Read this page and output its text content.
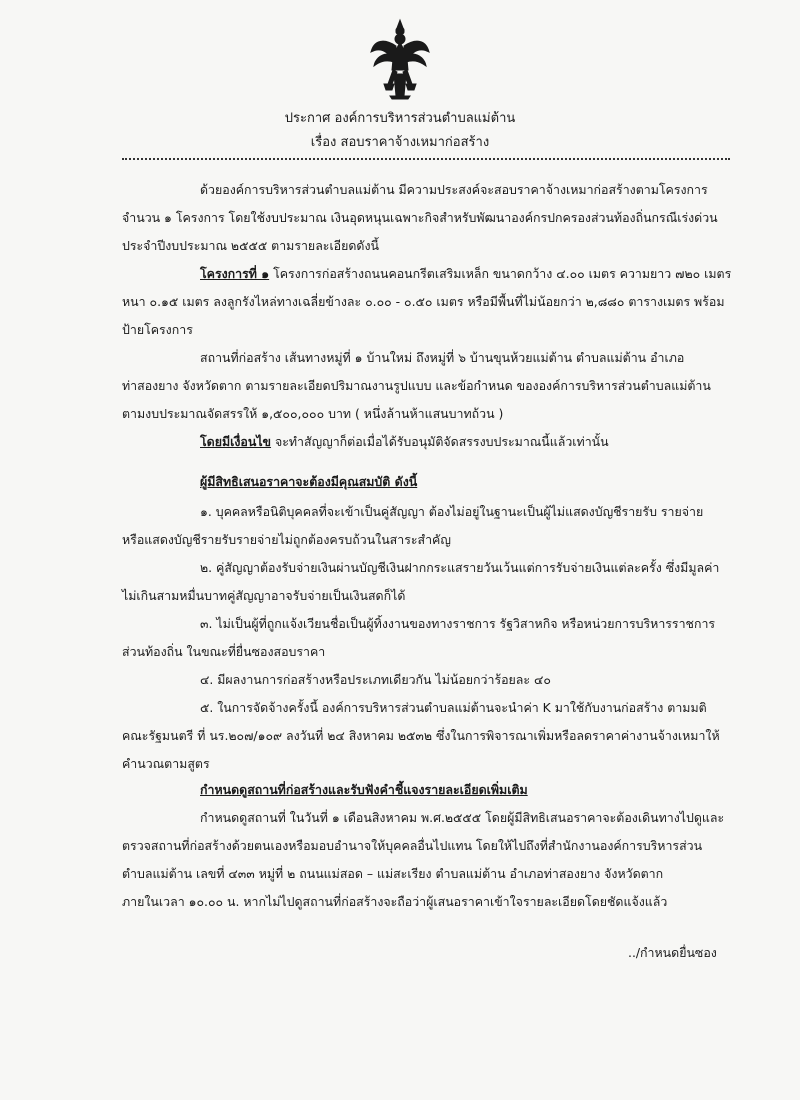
ประกาศ องค์การบริหารส่วนตำบลแม่ต้าน
เรื่อง สอบราคาจ้างเหมาก่อสร้าง
ด้วยองค์การบริหารส่วนตำบลแม่ต้าน มีความประสงค์จะสอบราคาจ้างเหมาก่อสร้างตามโครงการ
จำนวน ๑ โครงการ โดยใช้งบประมาณ เงินอุดหนุนเฉพาะกิจสำหรับพัฒนาองค์กรปกครองส่วนท้องถิ่นกรณีเร่งด่วน
ประจำปีงบประมาณ ๒๕๕๕ ตามรายละเอียดดังนี้
โครงการที่ ๑ โครงการก่อสร้างถนนคอนกรีตเสริมเหล็ก ขนาดกว้าง ๔.๐๐ เมตร ความยาว ๗๒๐ เมตร
หนา ๐.๑๕ เมตร ลงลูกรังไหล่ทางเฉลี่ยข้างละ ๐.๐๐ - ๐.๕๐ เมตร หรือมีพื้นที่ไม่น้อยกว่า ๒,๘๘๐ ตารางเมตร พร้อม
ป้ายโครงการ
สถานที่ก่อสร้าง เส้นทางหมู่ที่ ๑ บ้านใหม่ ถึงหมู่ที่ ๖ บ้านขุนห้วยแม่ต้าน ตำบลแม่ต้าน อำเภอ
ท่าสองยาง จังหวัดตาก ตามรายละเอียดปริมาณงานรูปแบบ และข้อกำหนด ขององค์การบริหารส่วนตำบลแม่ต้าน
ตามงบประมาณจัดสรรให้ ๑,๕๐๐,๐๐๐ บาท ( หนึ่งล้านห้าแสนบาทถ้วน )
โดยมีเงื่อนไข จะทำสัญญาก็ต่อเมื่อได้รับอนุมัติจัดสรรงบประมาณนี้แล้วเท่านั้น
ผู้มีสิทธิเสนอราคาจะต้องมีคุณสมบัติ ดังนี้
๑. บุคคลหรือนิติบุคคลที่จะเข้าเป็นคู่สัญญา ต้องไม่อยู่ในฐานะเป็นผู้ไม่แสดงบัญชีรายรับ รายจ่าย
หรือแสดงบัญชีรายรับรายจ่ายไม่ถูกต้องครบถ้วนในสาระสำคัญ
๒. คู่สัญญาต้องรับจ่ายเงินผ่านบัญชีเงินฝากกระแสรายวันเว้นแต่การรับจ่ายเงินแต่ละครั้ง ซึ่งมีมูลค่า
ไม่เกินสามหมื่นบาทคู่สัญญาอาจรับจ่ายเป็นเงินสดก็ได้
๓. ไม่เป็นผู้ที่ถูกแจ้งเวียนชื่อเป็นผู้ทิ้งงานของทางราชการ รัฐวิสาหกิจ หรือหน่วยการบริหารราชการ
ส่วนท้องถิ่น ในขณะที่ยื่นซองสอบราคา
๔. มีผลงานการก่อสร้างหรือประเภทเดียวกัน ไม่น้อยกว่าร้อยละ ๔๐
๕. ในการจัดจ้างครั้งนี้ องค์การบริหารส่วนตำบลแม่ต้านจะนำค่า K มาใช้กับงานก่อสร้าง ตามมติ
คณะรัฐมนตรี ที่ นร.๒๐๗/๑๐๙ ลงวันที่ ๒๔ สิงหาคม ๒๕๓๒ ซึ่งในการพิจารณาเพิ่มหรือลดราคาค่างานจ้างเหมาให้
คำนวณตามสูตร
กำหนดดูสถานที่ก่อสร้างและรับฟังคำชี้แจงรายละเอียดเพิ่มเติม
กำหนดดูสถานที่ ในวันที่ ๑ เดือนสิงหาคม พ.ศ.๒๕๕๕ โดยผู้มีสิทธิเสนอราคาจะต้องเดินทางไปดูและ
ตรวจสถานที่ก่อสร้างด้วยตนเองหรือมอบอำนาจให้บุคคลอื่นไปแทน โดยให้ไปถึงที่สำนักงานองค์การบริหารส่วน
ตำบลแม่ต้าน เลขที่ ๔๓๓ หมู่ที่ ๒ ถนนแม่สอด – แม่สะเรียง ตำบลแม่ต้าน อำเภอท่าสองยาง จังหวัดตาก
ภายในเวลา ๑๐.๐๐ น. หากไม่ไปดูสถานที่ก่อสร้างจะถือว่าผู้เสนอราคาเข้าใจรายละเอียดโดยชัดแจ้งแล้ว
../กำหนดยื่นซอง
